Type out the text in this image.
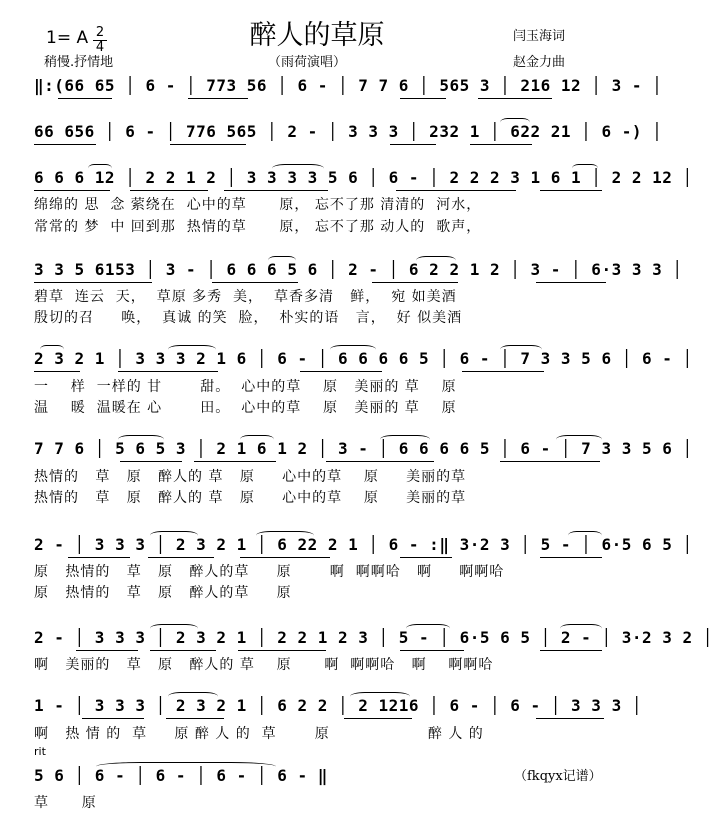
1= A 2
4	醉人的草原	闫玉海词
稍慢.抒情地	（雨荷演唱）	赵金力曲
‖:(66 65 │ 6 - │ 773 56 │ 6 - │ 7 7 6 │ 565 3 │ 216 12 │ 3 - │
66 656 │ 6 - │ 776 565 │ 2 - │ 3 3 3 │ 232 1 │ 622 21 │ 6 -) │
6 6 6 12 │ 2 2 1 2 │ 3 3 3 3 5 6 │ 6 - │ 2 2 2 3 1 6 1 │ 2 2 12 │
绵绵的 思  念 萦绕在  心中的草      原， 忘不了那 清清的  河水，
常常的 梦  中 回到那  热情的草      原， 忘不了那 动人的  歌声，
3 3 5 6153 │ 3 - │ 6 6 6 5 6 │ 2 - │ 6 2 2 1 2 │ 3 - │ 6·3 3 3 │
碧草  连云  天，  草原 多秀  美，  草香多清   鲜，  宛 如美酒
殷切的召     唤，  真诚 的笑  脸，  朴实的语   言，  好 似美酒
2 3 2 1 │ 3 3 3 2 1 6 │ 6 - │ 6 6 6 6 5 │ 6 - │ 7 3 3 5 6 │ 6 - │
一    样  一样的 甘       甜。  心中的草    原   美丽的 草    原
温    暖  温暖在 心       田。  心中的草    原   美丽的 草    原
7 7 6 │ 5 6 5 3 │ 2 1 6 1 2 │ 3 - │ 6 6 6 6 5 │ 6 - │ 7 3 3 5 6 │
热情的   草   原   醉人的 草   原     心中的草    原     美丽的草
热情的   草   原   醉人的 草   原     心中的草    原     美丽的草
2 - │ 3 3 3 │ 2 3 2 1 │ 6 22 2 1 │ 6 - :‖ 3·2 3 │ 5 - │ 6·5 6 5 │
原   热情的   草   原   醉人的草     原       啊  啊啊哈   啊     啊啊哈
原   热情的   草   原   醉人的草     原
2 - │ 3 3 3 │ 2 3 2 1 │ 2 2 1 2 3 │ 5 - │ 6·5 6 5 │ 2 - │ 3·2 3 2 │
啊   美丽的   草   原   醉人的 草    原      啊  啊啊哈   啊    啊啊哈
1 - │ 3 3 3 │ 2 3 2 1 │ 6 2 2 │ 2 1216 │ 6 - │ 6 - │ 3 3 3 │
啊   热 情 的  草     原 醉 人 的  草       原                  醉 人 的
rit
5 6 │ 6 - │ 6 - │ 6 - │ 6 - ‖
草      原
（fkqyx记谱）
